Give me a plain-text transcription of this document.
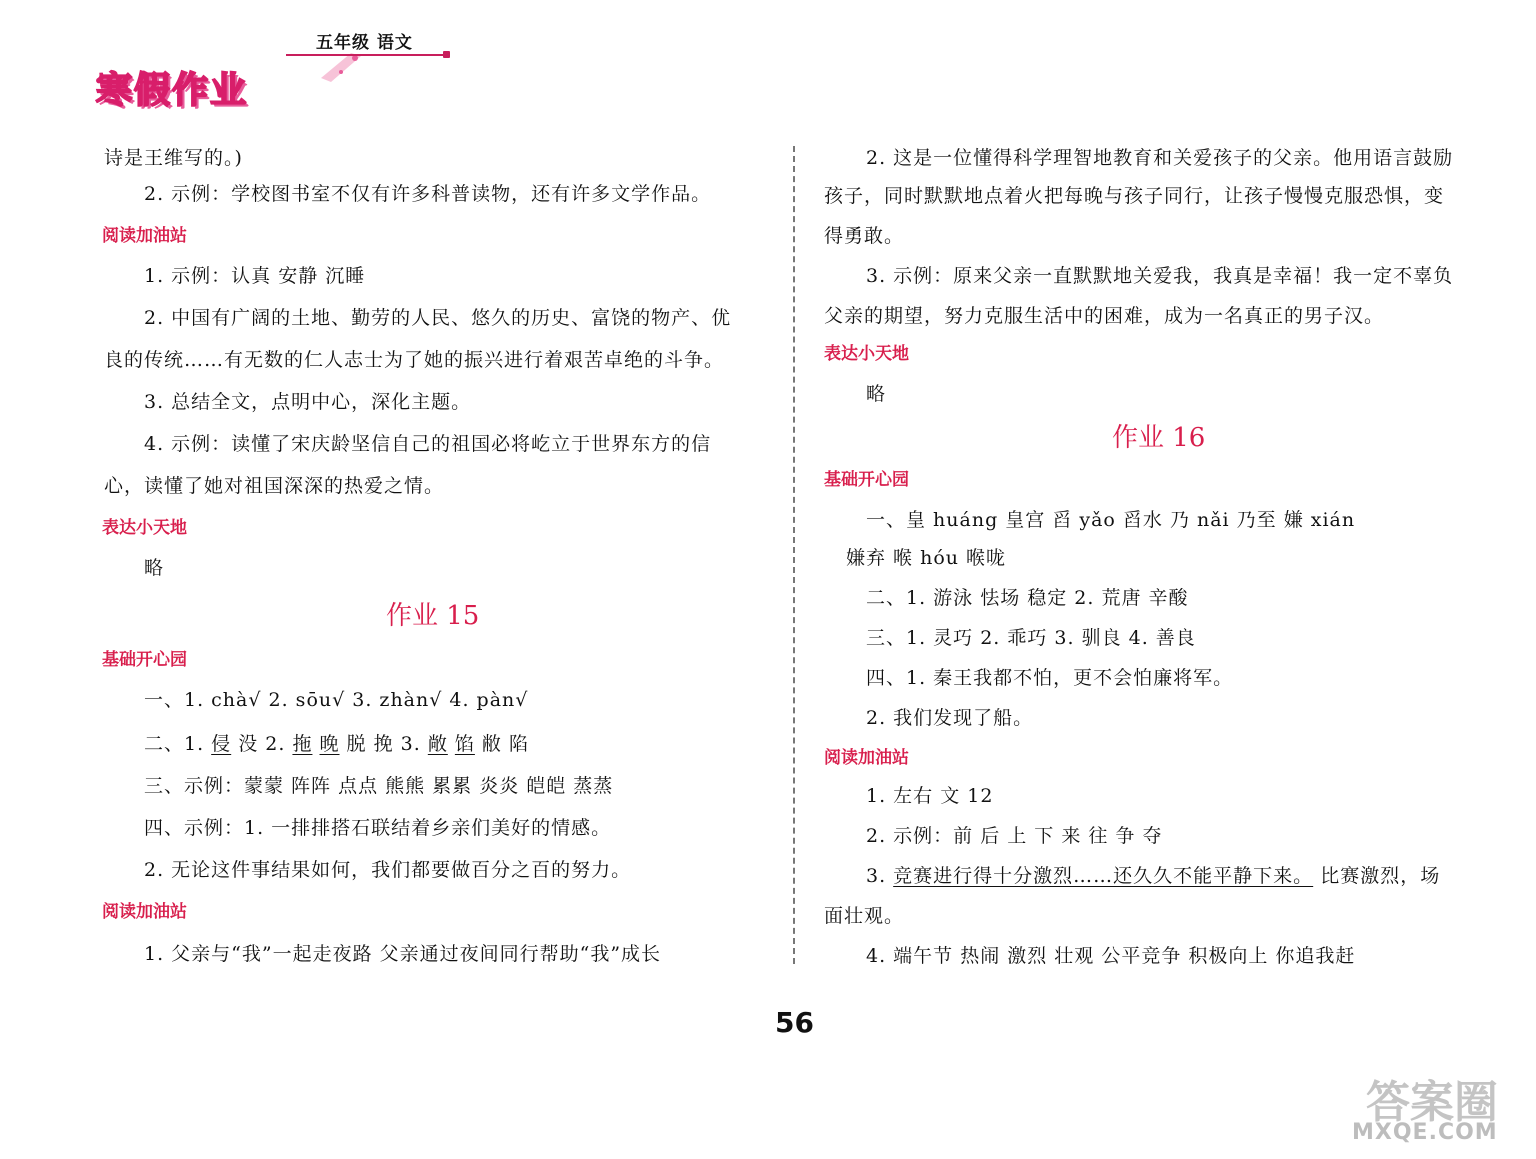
寒假作业
五年级 语文
诗是王维写的。)
2. 示例：学校图书室不仅有许多科普读物，还有许多文学作品。
阅读加油站
1. 示例：认真 安静 沉睡
2. 中国有广阔的土地、勤劳的人民、悠久的历史、富饶的物产、优
良的传统……有无数的仁人志士为了她的振兴进行着艰苦卓绝的斗争。
3. 总结全文，点明中心，深化主题。
4. 示例：读懂了宋庆龄坚信自己的祖国必将屹立于世界东方的信
心，读懂了她对祖国深深的热爱之情。
表达小天地
略
作业 15
基础开心园
一、1. chà√ 2. sōu√ 3. zhàn√ 4. pàn√
二、1. 侵 没 2. 拖 晚 脱 挽 3. 敞 馅 敝 陷
三、示例：蒙蒙 阵阵 点点 熊熊 累累 炎炎 皑皑 蒸蒸
四、示例：1. 一排排搭石联结着乡亲们美好的情感。
2. 无论这件事结果如何，我们都要做百分之百的努力。
阅读加油站
1. 父亲与“我”一起走夜路 父亲通过夜间同行帮助“我”成长
2. 这是一位懂得科学理智地教育和关爱孩子的父亲。他用语言鼓励
孩子，同时默默地点着火把每晚与孩子同行，让孩子慢慢克服恐惧，变
得勇敢。
3. 示例：原来父亲一直默默地关爱我，我真是幸福！我一定不辜负
父亲的期望，努力克服生活中的困难，成为一名真正的男子汉。
表达小天地
略
作业 16
基础开心园
一、皇 huáng 皇宫 舀 yǎo 舀水 乃 nǎi 乃至 嫌 xián
嫌弃 喉 hóu 喉咙
二、1. 游泳 怯场 稳定 2. 荒唐 辛酸
三、1. 灵巧 2. 乖巧 3. 驯良 4. 善良
四、1. 秦王我都不怕，更不会怕廉将军。
2. 我们发现了船。
阅读加油站
1. 左右 文 12
2. 示例：前 后 上 下 来 往 争 夺
3. 竞赛进行得十分激烈……还久久不能平静下来。 比赛激烈，场
面壮观。
4. 端午节 热闹 激烈 壮观 公平竞争 积极向上 你追我赶
56
答案圈
MXQE.COM
